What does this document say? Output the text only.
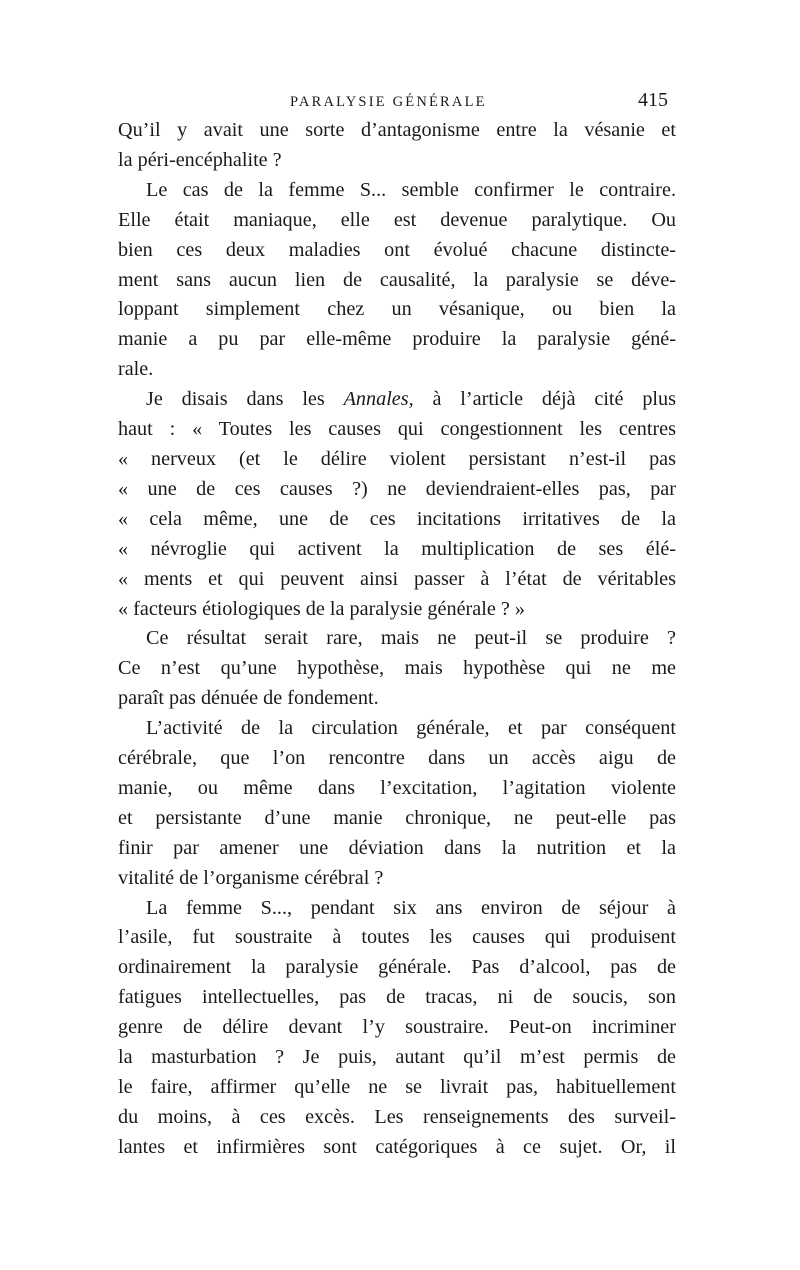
PARALYSIE GÉNÉRALE	415
Qu’il y avait une sorte d’antagonisme entre la vésanie et
la péri-encéphalite ?
Le cas de la femme S... semble confirmer le contraire.
Elle était maniaque, elle est devenue paralytique. Ou
bien ces deux maladies ont évolué chacune distincte-
ment sans aucun lien de causalité, la paralysie se déve-
loppant simplement chez un vésanique, ou bien la
manie a pu par elle-même produire la paralysie géné-
rale.
Je disais dans les Annales, à l’article déjà cité plus
haut : « Toutes les causes qui congestionnent les centres
« nerveux (et le délire violent persistant n’est-il pas
« une de ces causes ?) ne deviendraient-elles pas, par
« cela même, une de ces incitations irritatives de la
« névroglie qui activent la multiplication de ses élé-
« ments et qui peuvent ainsi passer à l’état de véritables
« facteurs étiologiques de la paralysie générale ? »
Ce résultat serait rare, mais ne peut-il se produire ?
Ce n’est qu’une hypothèse, mais hypothèse qui ne me
paraît pas dénuée de fondement.
L’activité de la circulation générale, et par conséquent
cérébrale, que l’on rencontre dans un accès aigu de
manie, ou même dans l’excitation, l’agitation violente
et persistante d’une manie chronique, ne peut-elle pas
finir par amener une déviation dans la nutrition et la
vitalité de l’organisme cérébral ?
La femme S..., pendant six ans environ de séjour à
l’asile, fut soustraite à toutes les causes qui produisent
ordinairement la paralysie générale. Pas d’alcool, pas de
fatigues intellectuelles, pas de tracas, ni de soucis, son
genre de délire devant l’y soustraire. Peut-on incriminer
la masturbation ? Je puis, autant qu’il m’est permis de
le faire, affirmer qu’elle ne se livrait pas, habituellement
du moins, à ces excès. Les renseignements des surveil-
lantes et infirmières sont catégoriques à ce sujet. Or, il
